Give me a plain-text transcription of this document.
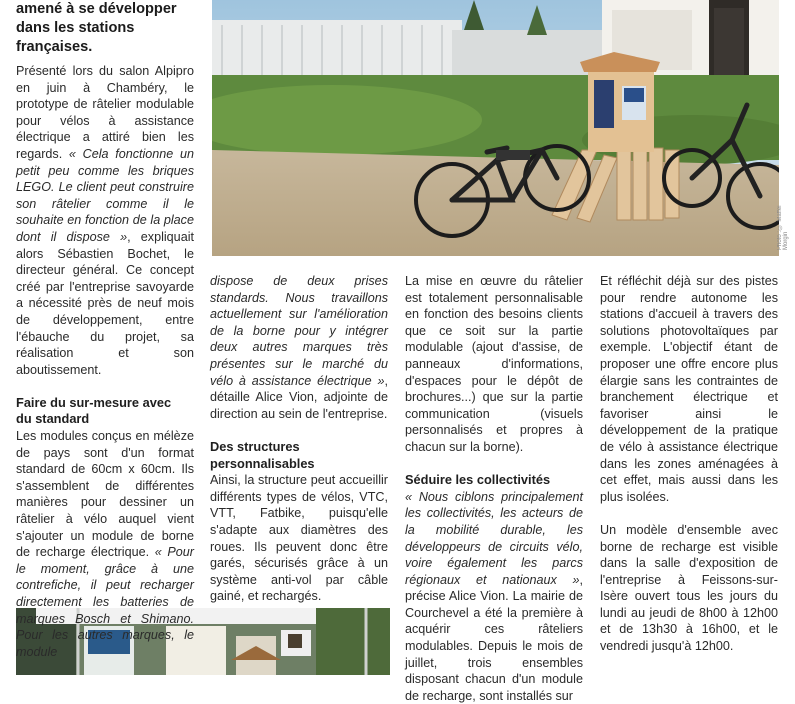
Photo : © Maffei Morgin
amené à se développer
dans les stations
françaises.

Présenté lors du salon Alpipro en juin à Chambéry, le prototype de râtelier modulable pour vélos à assistance électrique a attiré bien les regards. « Cela fonctionne un petit peu comme les briques LEGO. Le client peut construire son râtelier comme il le souhaite en fonction de la place dont il dispose », expliquait alors Sébastien Bochet, le directeur général. Ce concept créé par l'entreprise savoyarde a nécessité près de neuf mois de développement, entre l'ébauche du projet, sa réalisation et son aboutissement.

Faire du sur-mesure avec
du standard

Les modules conçus en mélèze de pays sont d'un format standard de 60cm x 60cm. Ils s'assemblent de différentes manières pour dessiner un râtelier à vélo auquel vient s'ajouter un module de borne de recharge électrique. « Pour le moment, grâce à une contrefiche, il peut recharger directement les batteries de marques Bosch et Shimano. Pour les autres marques, le module

dispose de deux prises standards. Nous travaillons actuellement sur l'amélioration de la borne pour y intégrer deux autres marques très présentes sur le marché du vélo à assistance électrique », détaille Alice Vion, adjointe de direction au sein de l'entreprise.

Des structures
personnalisables

Ainsi, la structure peut accueillir différents types de vélos, VTC, VTT, Fatbike, puisqu'elle s'adapte aux diamètres des roues. Ils peuvent donc être garés, sécurisés grâce à un système anti-vol par câble gainé, et rechargés.

La mise en œuvre du râtelier est totalement personnalisable en fonction des besoins clients que ce soit sur la partie modulable (ajout d'assise, de panneaux d'informations, d'espaces pour le dépôt de brochures...) que sur la partie communication (visuels personnalisés et propres à chacun sur la borne).

Séduire les collectivités

« Nous ciblons principalement les collectivités, les acteurs de la mobilité durable, les développeurs de circuits vélo, voire également les parcs régionaux et nationaux », précise Alice Vion. La mairie de Courchevel a été la première à acquérir ces râteliers modulables. Depuis le mois de juillet, trois ensembles disposant chacun d'un module de recharge, sont installés sur

Et réfléchit déjà sur des pistes pour rendre autonome les stations d'accueil à travers des solutions photovoltaïques par exemple. L'objectif étant de proposer une offre encore plus élargie sans les contraintes de branchement électrique et favoriser ainsi le développement de la pratique de vélo à assistance électrique dans les zones aménagées à cet effet, mais aussi dans les plus isolées.

Un modèle d'ensemble avec borne de recharge est visible dans la salle d'exposition de l'entreprise à Feissons-sur-Isère ouvert tous les jours du lundi au jeudi de 8h00 à 12h00 et de 13h30 à 16h00, et le vendredi jusqu'à 12h00.
